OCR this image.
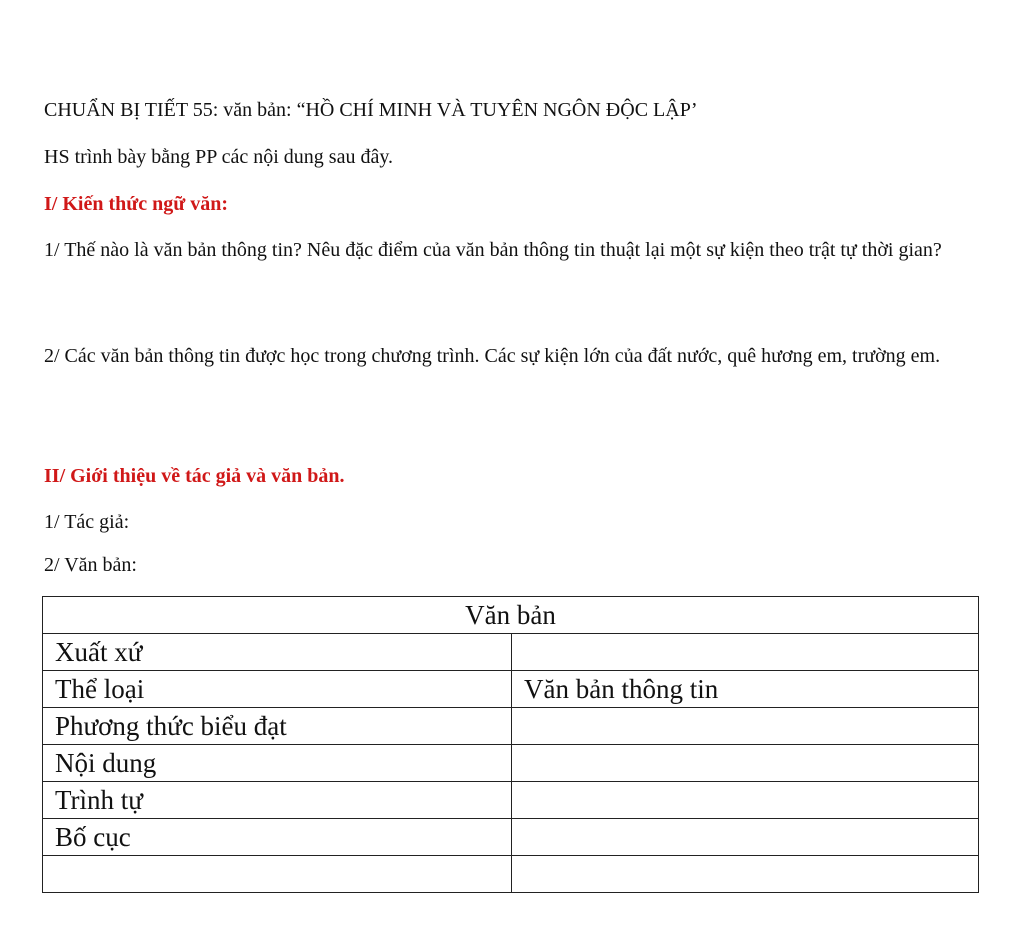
CHUẨN BỊ TIẾT 55: văn bản: “HỒ CHÍ MINH VÀ TUYÊN NGÔN ĐỘC LẬP’
HS trình bày bằng PP các nội dung sau đây.
I/ Kiến thức ngữ văn:
1/ Thế nào là văn bản thông tin? Nêu đặc điểm của văn bản thông tin thuật lại một sự kiện theo trật tự thời gian?
2/ Các văn bản thông tin được học trong chương trình. Các sự kiện lớn của đất nước, quê hương em, trường em.
II/ Giới thiệu về tác giả và văn bản.
1/ Tác giả:
2/ Văn bản:
Văn bản	
Xuất xứ	
Thể loại	Văn bản thông tin
Phương thức biểu đạt	
Nội dung	
Trình tự	
Bố cục	
